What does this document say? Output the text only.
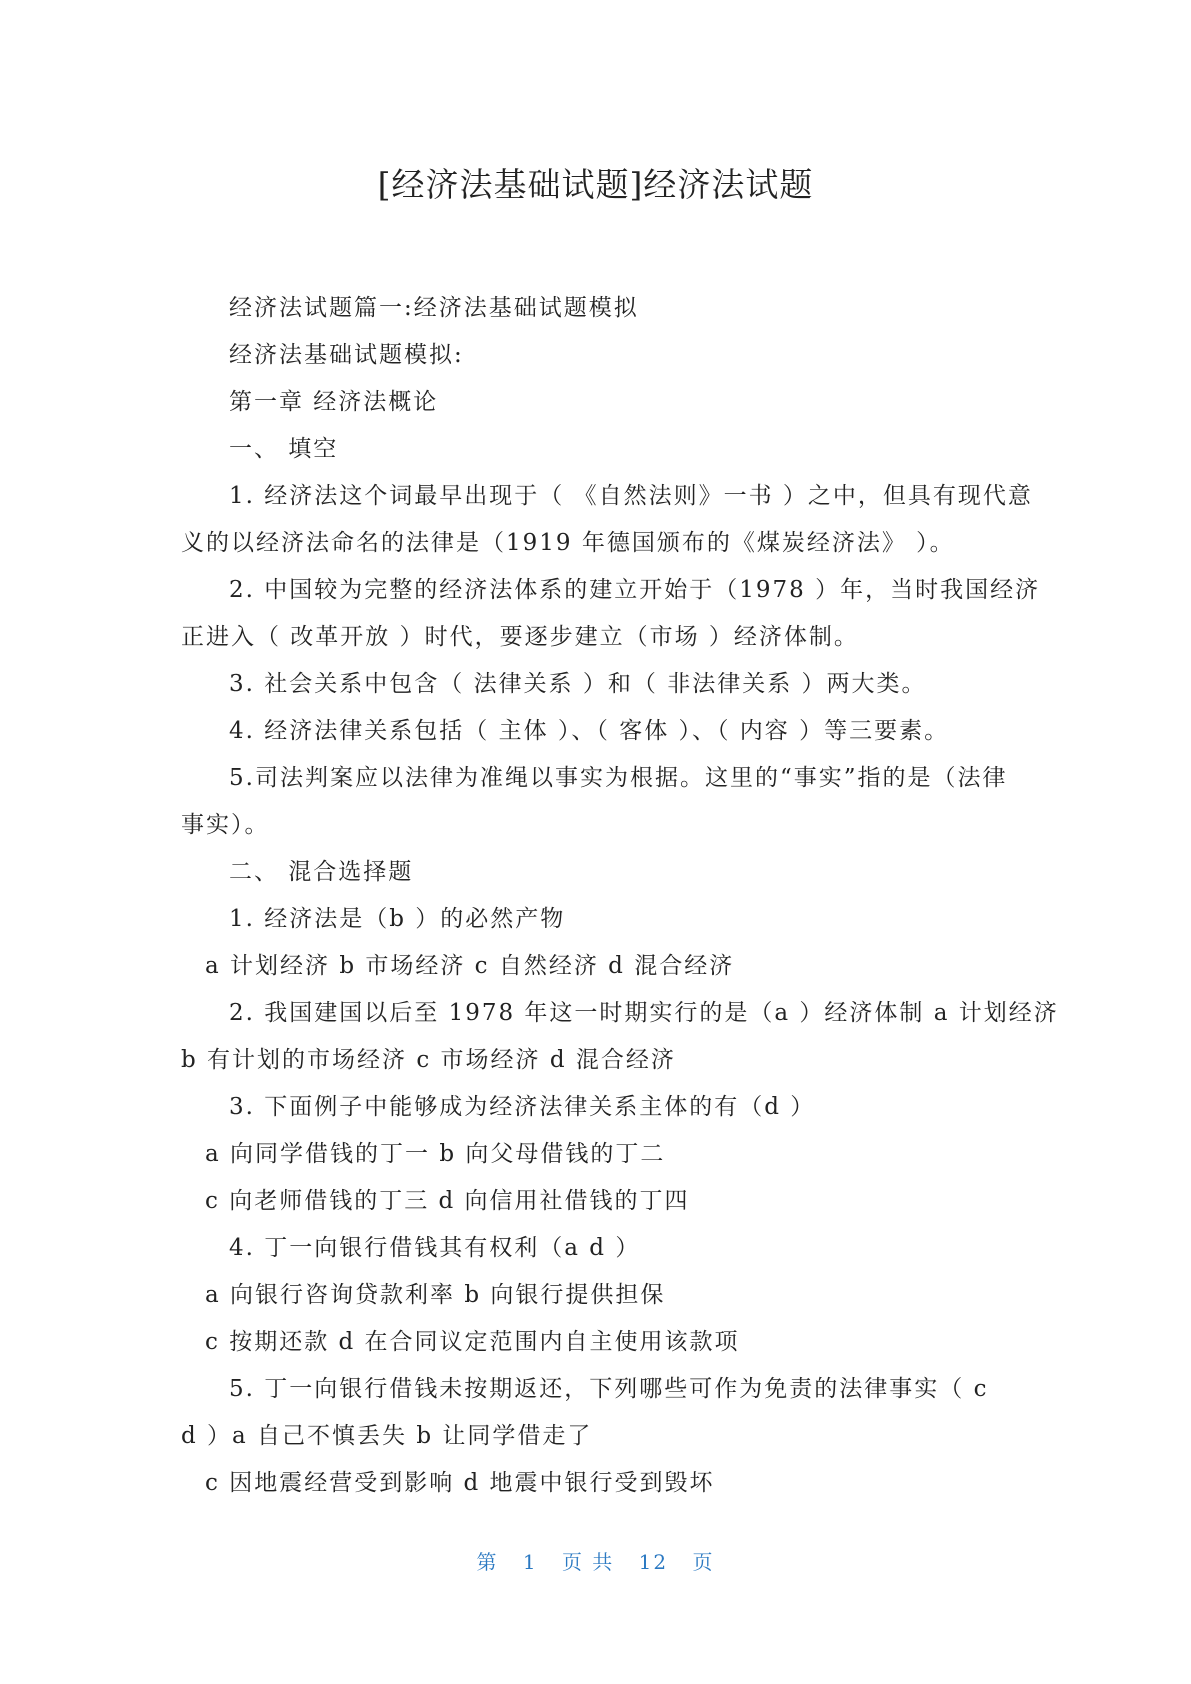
[经济法基础试题]经济法试题
经济法试题篇一:经济法基础试题模拟
经济法基础试题模拟:
第一章 经济法概论
一、 填空
1. 经济法这个词最早出现于（ 《自然法则》一书 ）之中，但具有现代意
义的以经济法命名的法律是（1919 年德国颁布的《煤炭经济法》 ）。
2. 中国较为完整的经济法体系的建立开始于（1978 ）年，当时我国经济
正进入（ 改革开放 ）时代，要逐步建立（市场 ）经济体制。
3. 社会关系中包含（ 法律关系 ）和（ 非法律关系 ）两大类。
4. 经济法律关系包括（ 主体 ）、（ 客体 ）、（ 内容 ）等三要素。
5.司法判案应以法律为准绳以事实为根据。这里的“事实”指的是（法律
事实）。
二、 混合选择题
1. 经济法是（b ）的必然产物
a 计划经济 b 市场经济 c 自然经济 d 混合经济
2. 我国建国以后至 1978 年这一时期实行的是（a ）经济体制 a 计划经济
b 有计划的市场经济 c 市场经济 d 混合经济
3. 下面例子中能够成为经济法律关系主体的有（d ）
a 向同学借钱的丁一 b 向父母借钱的丁二
c 向老师借钱的丁三 d 向信用社借钱的丁四
4. 丁一向银行借钱其有权利（a d ）
a 向银行咨询贷款利率 b 向银行提供担保
c 按期还款 d 在合同议定范围内自主使用该款项
5. 丁一向银行借钱未按期返还，下列哪些可作为免责的法律事实（ c
d ）a 自己不慎丢失 b 让同学借走了
c 因地震经营受到影响 d 地震中银行受到毁坏
第 1 页 共 12 页
